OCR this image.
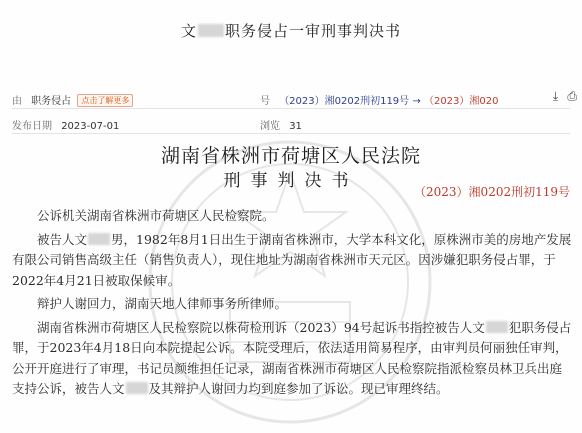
文 职务侵占一审刑事判决书
由 职务侵占 点击了解更多	号 （2023）湘0202刑初119号 → （2023）湘020	⤓ ⎙
发布日期 2023-07-01	浏览 31
湖南省株洲市荷塘区人民法院
刑事判决书
（2023）湘0202刑初119号

公诉机关湖南省株洲市荷塘区人民检察院。

被告人文 男，1982年8月1日出生于湖南省株洲市，大学本科文化，原株洲市美的房地产发展有限公司销售高级主任（销售负责人），现住地址为湖南省株洲市天元区。因涉嫌犯职务侵占罪，于2022年4月21日被取保候审。

辩护人谢回力，湖南天地人律师事务所律师。

湖南省株洲市荷塘区人民检察院以株荷检刑诉（2023）94号起诉书指控被告人文 犯职务侵占罪，于2023年4月18日向本院提起公诉。本院受理后，依法适用简易程序，由审判员何丽独任审判，公开开庭进行了审理，书记员颜维担任记录，湖南省株洲市荷塘区人民检察院指派检察员林卫兵出庭支持公诉，被告人文 及其辩护人谢回力均到庭参加了诉讼。现已审理终结。
